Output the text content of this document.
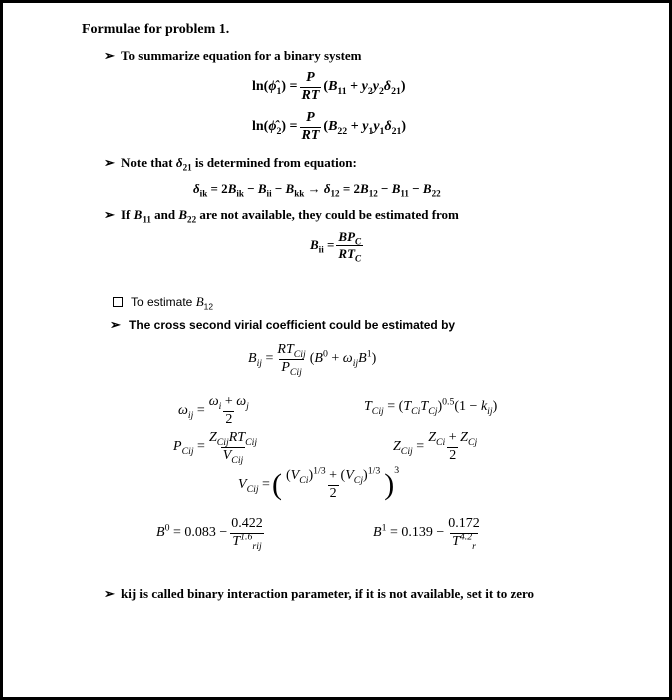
Formulae for problem 1.
➢ To summarize equation for a binary system
$\ln(\phî_1) = \frac{P}{RT} (B_{11} + y_2y_2\delta_{21})$
$\ln(\phî_2) = \frac{P}{RT} (B_{22} + y_1y_1\delta_{21})$
➢ Note that $\delta_{21}$ is determined from equation:
$\delta_{ik} = 2B_{ik} - B_{ii} - B_{kk} \to \delta_{12} = 2B_{12} - B_{11} - B_{22}$
➢ If $B_{11}$ and $B_{22}$ are not available, they could be estimated from
$B_{ii} = \frac{BP_C}{RT_C}$
To estimate $B_{12}$
➢ The cross second virial coefficient could be estimated by
$B_{ij} = \frac{RT_{Cij}}{P_{Cij}} (B^0 + \omega_{ij}B^1)$
$\omega_{ij} = \frac{\omega_i + \omega_j}{2}$	$T_{Cij} = (T_{Ci}T_{Cj})^{0.5}(1 - k_{ij})$
$P_{Cij} = \frac{Z_{Cij}RT_{Cij}}{V_{Cij}}$	$Z_{Cij} = \frac{Z_{Ci} + Z_{Cj}}{2}$
$V_{Cij}$ = ( $\frac{(V_{Ci})^{1/3} + (V_{Cj})^{1/3}}{2} )^3$
$B^0 = 0.083 - \frac{0.422}{T^{1.6}_{rij}}$	$B^1 = 0.139 - \frac{0.172}{T^{4.2}_r}$
➢ kij is called binary interaction parameter, if it is not available, set it to zero
